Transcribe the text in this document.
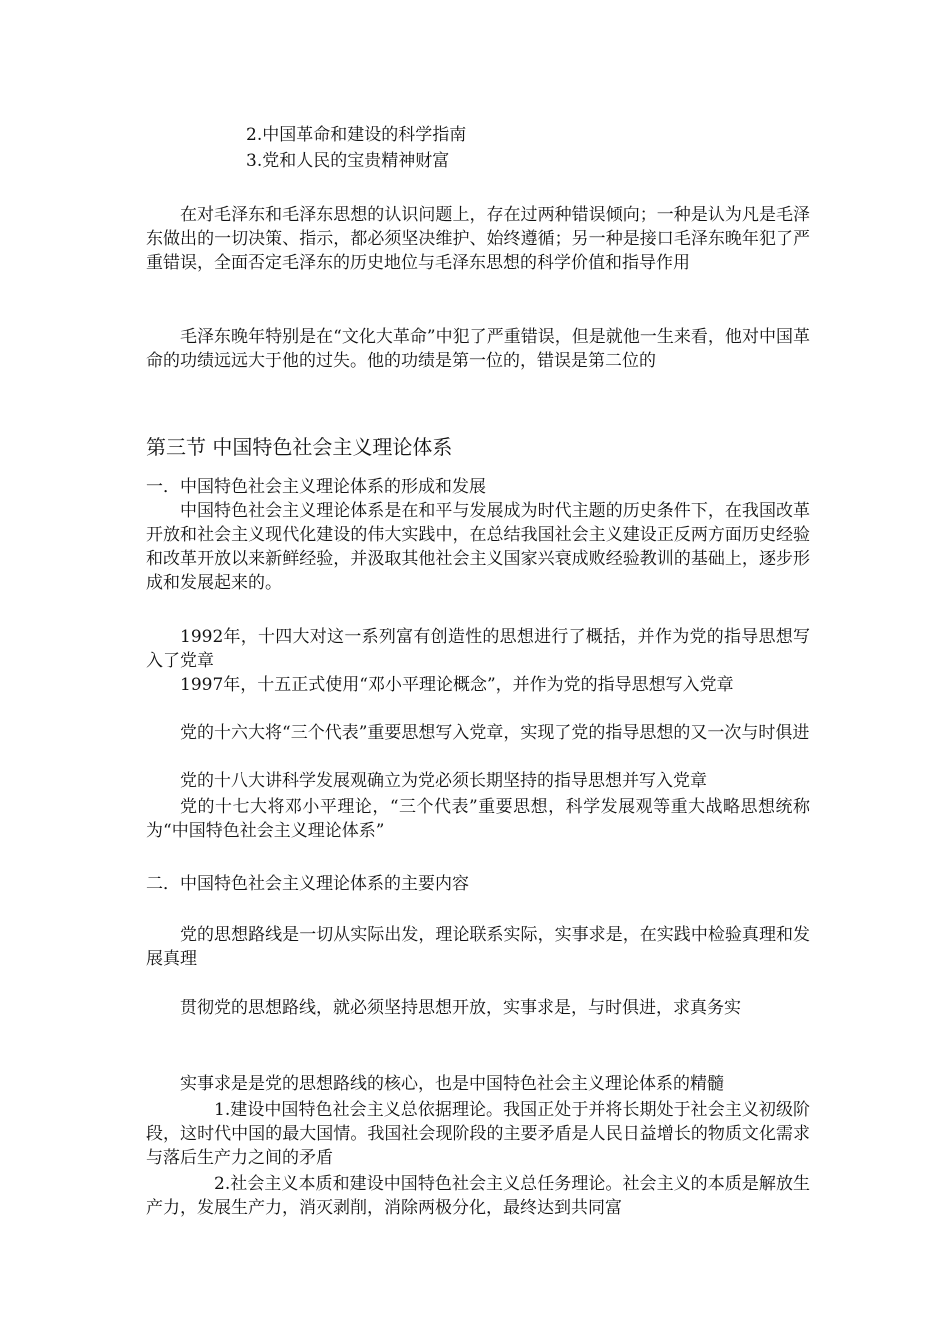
2.中国革命和建设的科学指南

3.党和人民的宝贵精神财富

在对毛泽东和毛泽东思想的认识问题上，存在过两种错误倾向；一种是认为凡是毛泽东做出的一切决策、指示，都必须坚决维护、始终遵循；另一种是接口毛泽东晚年犯了严重错误，全面否定毛泽东的历史地位与毛泽东思想的科学价值和指导作用

毛泽东晚年特别是在“文化大革命”中犯了严重错误，但是就他一生来看，他对中国革命的功绩远远大于他的过失。他的功绩是第一位的，错误是第二位的

第三节 中国特色社会主义理论体系

一．中国特色社会主义理论体系的形成和发展

中国特色社会主义理论体系是在和平与发展成为时代主题的历史条件下，在我国改革开放和社会主义现代化建设的伟大实践中，在总结我国社会主义建设正反两方面历史经验和改革开放以来新鲜经验，并汲取其他社会主义国家兴衰成败经验教训的基础上，逐步形成和发展起来的。

1992年，十四大对这一系列富有创造性的思想进行了概括，并作为党的指导思想写入了党章

1997年，十五正式使用“邓小平理论概念”，并作为党的指导思想写入党章

党的十六大将“三个代表”重要思想写入党章，实现了党的指导思想的又一次与时俱进

党的十八大讲科学发展观确立为党必须长期坚持的指导思想并写入党章

党的十七大将邓小平理论，“三个代表”重要思想，科学发展观等重大战略思想统称为“中国特色社会主义理论体系”

二．中国特色社会主义理论体系的主要内容

党的思想路线是一切从实际出发，理论联系实际，实事求是，在实践中检验真理和发展真理

贯彻党的思想路线，就必须坚持思想开放，实事求是，与时俱进，求真务实

实事求是是党的思想路线的核心，也是中国特色社会主义理论体系的精髓

1.建设中国特色社会主义总依据理论。我国正处于并将长期处于社会主义初级阶段，这时代中国的最大国情。我国社会现阶段的主要矛盾是人民日益增长的物质文化需求与落后生产力之间的矛盾

2.社会主义本质和建设中国特色社会主义总任务理论。社会主义的本质是解放生产力，发展生产力，消灭剥削，消除两极分化，最终达到共同富
